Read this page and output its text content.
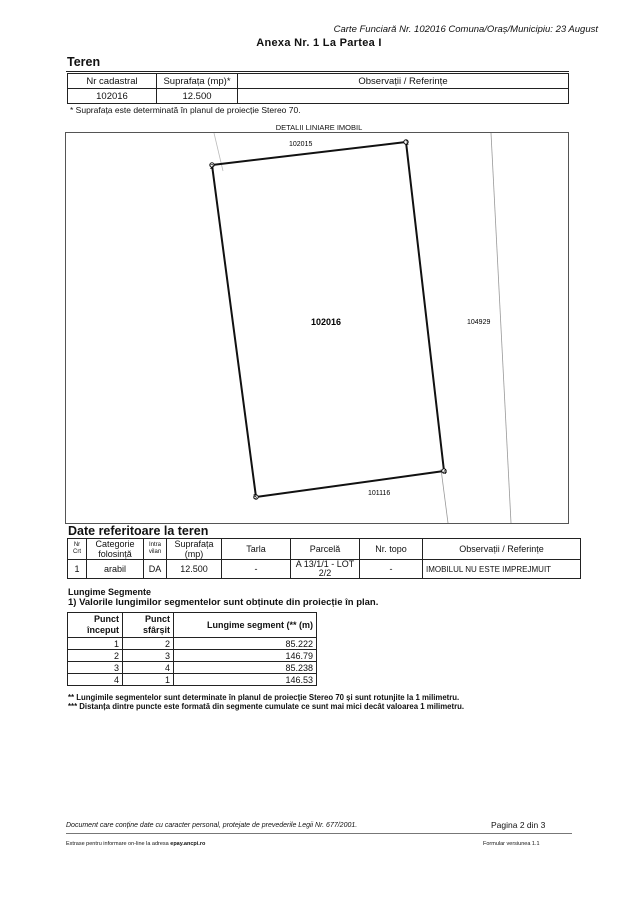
Carte Funciară Nr. 102016 Comuna/Oraș/Municipiu: 23 August
Anexa Nr. 1 La Partea I
Teren
Nr cadastral	Suprafața (mp)*	Observații / Referințe
102016	12.500	
* Suprafața este determinată în planul de proiecție Stereo 70.
DETALII LINIARE IMOBIL
1
2
3
4
102016
102015
104929
101116
Date referitoare la teren
Nr Crt	Categorie folosință	Intra vilan	Suprafața (mp)	Tarla	Parcelă	Nr. topo	Observații / Referințe
1	arabil	DA	12.500	-	A 13/1/1 - LOT 2/2	-	IMOBILUL NU ESTE IMPREJMUIT
Lungime Segmente
1) Valorile lungimilor segmentelor sunt obținute din proiecție în plan.
Punct început	Punct sfârșit	Lungime segment (** (m)
1	2	85.222
2	3	146.79
3	4	85.238
4	1	146.53
** Lungimile segmentelor sunt determinate în planul de proiecție Stereo 70 și sunt rotunjite la 1 milimetru.
*** Distanța dintre puncte este formată din segmente cumulate ce sunt mai mici decât valoarea 1 milimetru.
Document care conține date cu caracter personal, protejate de prevederile Legii Nr. 677/2001.	Pagina 2 din 3
Extrase pentru informare on-line la adresa epay.ancpi.ro	Formular versiunea 1.1
